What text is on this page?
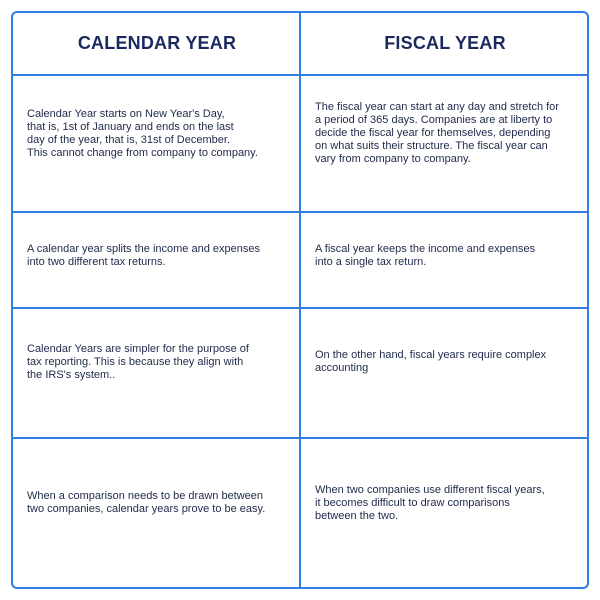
CALENDAR YEAR	FISCAL YEAR

Calendar Year starts on New Year's Day,
that is, 1st of January and ends on the last
day of the year, that is, 31st of December.
This cannot change from company to company.

The fiscal year can start at any day and stretch for
a period of 365 days. Companies are at liberty to
decide the fiscal year for themselves, depending
on what suits their structure. The fiscal year can
vary from company to company.

A calendar year splits the income and expenses
into two different tax returns.

A fiscal year keeps the income and expenses
into a single tax return.

Calendar Years are simpler for the purpose of
tax reporting. This is because they align with
the IRS's system..

On the other hand, fiscal years require complex
accounting

When a comparison needs to be drawn between
two companies, calendar years prove to be easy.

When two companies use different fiscal years,
it becomes difficult to draw comparisons
between the two.
